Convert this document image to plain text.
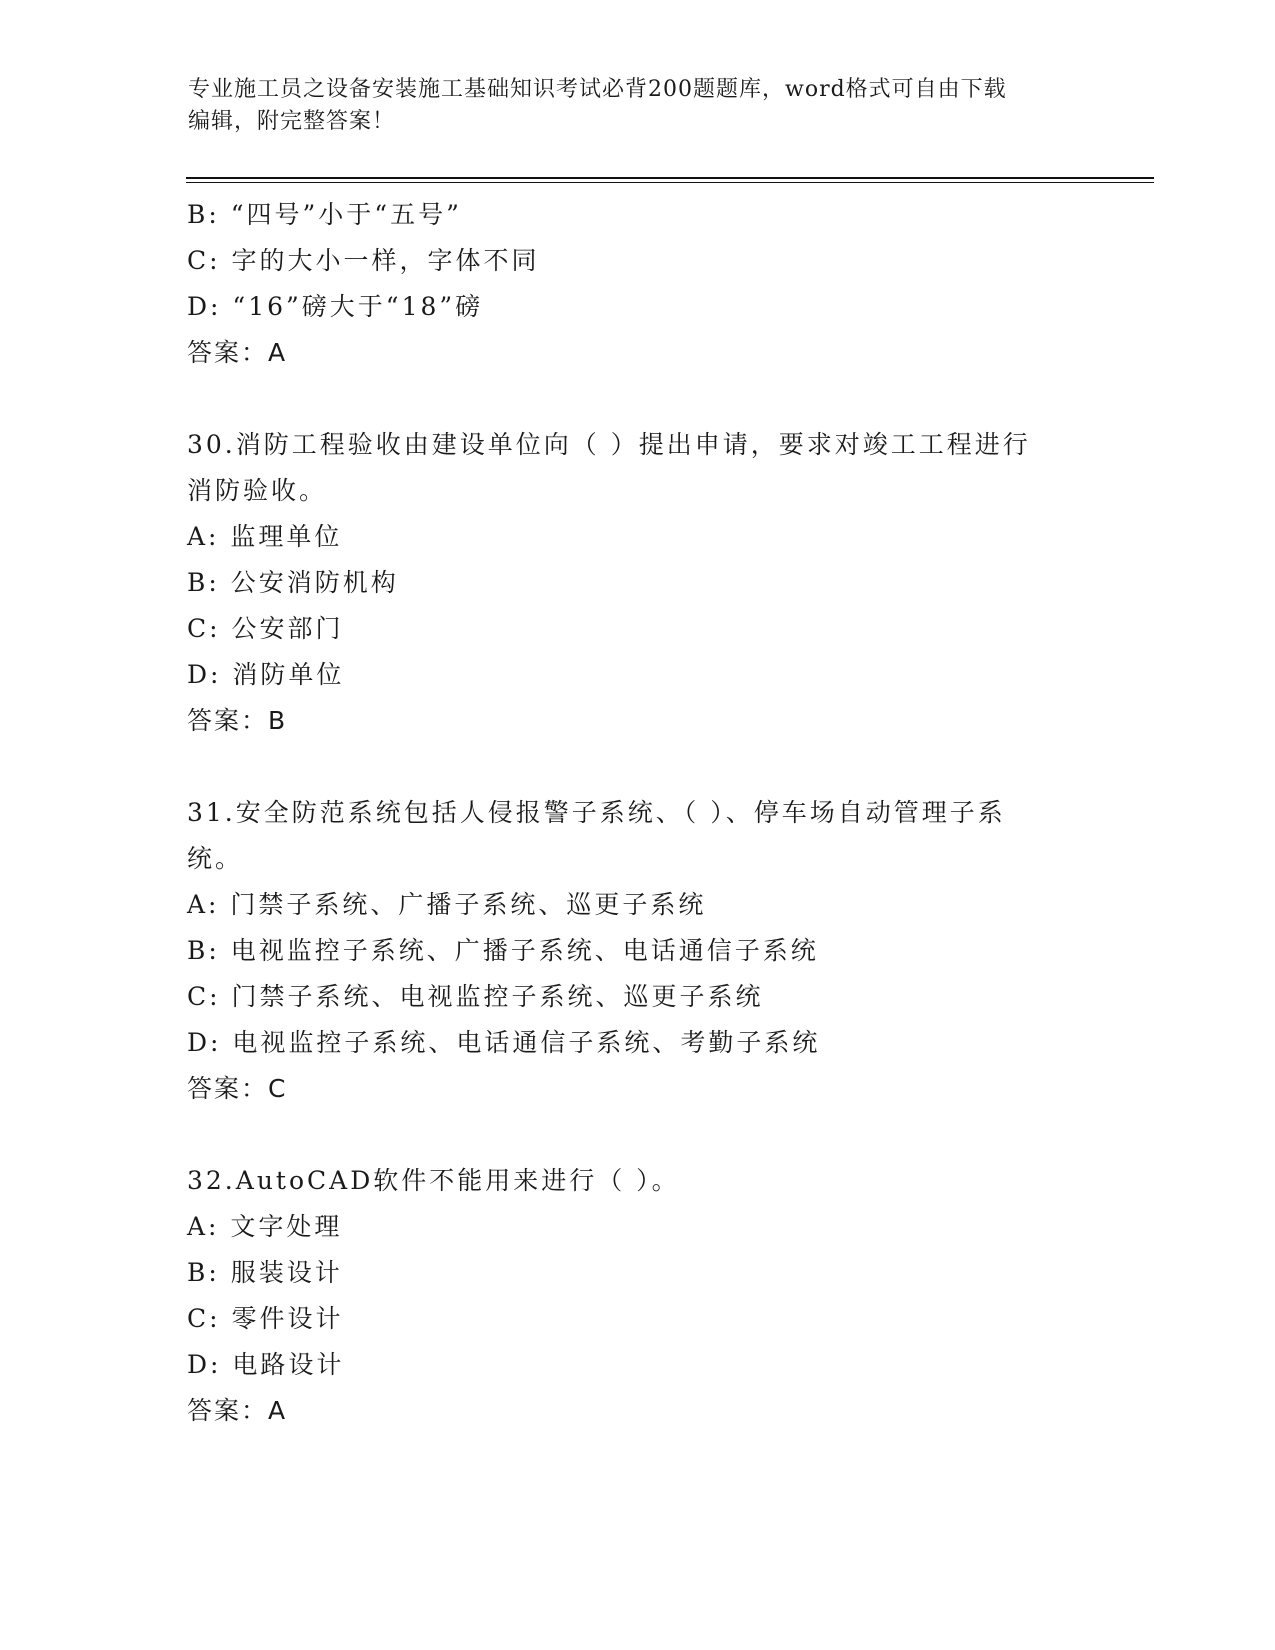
专业施工员之设备安装施工基础知识考试必背200题题库，word格式可自由下载
编辑，附完整答案！
B: “四号”小于“五号”
C: 字的大小一样，字体不同
D: “16”磅大于“18”磅
答案：A
30.消防工程验收由建设单位向（ ）提出申请，要求对竣工工程进行
消防验收。
A: 监理单位
B: 公安消防机构
C: 公安部门
D: 消防单位
答案：B
31.安全防范系统包括人侵报警子系统、（ ）、停车场自动管理子系
统。
A: 门禁子系统、广播子系统、巡更子系统
B: 电视监控子系统、广播子系统、电话通信子系统
C: 门禁子系统、电视监控子系统、巡更子系统
D: 电视监控子系统、电话通信子系统、考勤子系统
答案：C
32.AutoCAD软件不能用来进行（ ）。
A: 文字处理
B: 服装设计
C: 零件设计
D: 电路设计
答案：A
